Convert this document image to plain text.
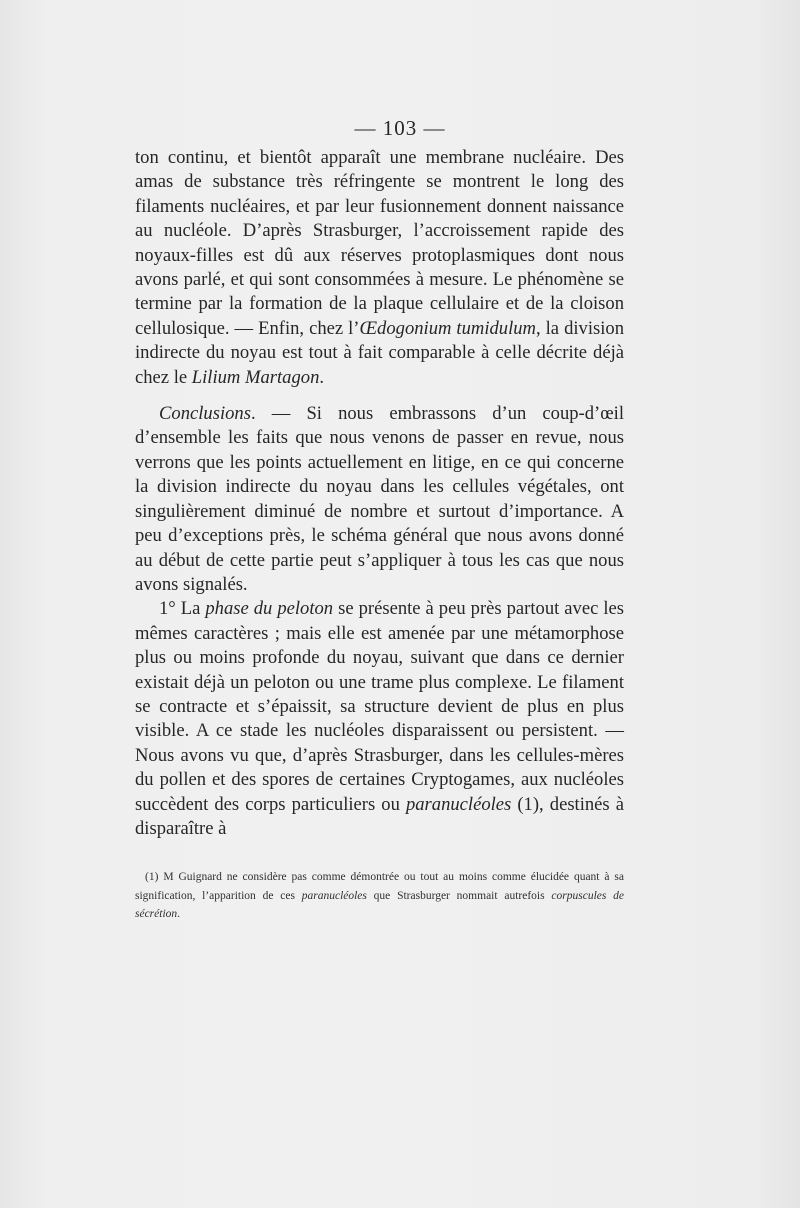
— 103 —

ton continu, et bientôt apparaît une membrane nucléaire. Des amas de substance très réfringente se montrent le long des filaments nucléaires, et par leur fusionnement donnent naissance au nucléole. D’après Strasburger, l’accroissement rapide des noyaux-filles est dû aux réserves protoplasmiques dont nous avons parlé, et qui sont consommées à mesure. Le phénomène se termine par la formation de la plaque cellulaire et de la cloison cellulosique. — Enfin, chez l’Œdogonium tumidulum, la division indirecte du noyau est tout à fait comparable à celle décrite déjà chez le Lilium Martagon.

Conclusions. — Si nous embrassons d’un coup-d’œil d’ensemble les faits que nous venons de passer en revue, nous verrons que les points actuellement en litige, en ce qui concerne la division indirecte du noyau dans les cellules végétales, ont singulièrement diminué de nombre et surtout d’importance. A peu d’exceptions près, le schéma général que nous avons donné au début de cette partie peut s’appliquer à tous les cas que nous avons signalés.

1° La phase du peloton se présente à peu près partout avec les mêmes caractères ; mais elle est amenée par une métamorphose plus ou moins profonde du noyau, suivant que dans ce dernier existait déjà un peloton ou une trame plus complexe. Le filament se contracte et s’épaissit, sa structure devient de plus en plus visible. A ce stade les nucléoles disparaissent ou persistent. — Nous avons vu que, d’après Strasburger, dans les cellules-mères du pollen et des spores de certaines Cryptogames, aux nucléoles succèdent des corps particuliers ou paranucléoles (1), destinés à disparaître à

(1) M Guignard ne considère pas comme démontrée ou tout au moins comme élucidée quant à sa signification, l’apparition de ces paranucléoles que Strasburger nommait autrefois corpuscules de sécrétion.
